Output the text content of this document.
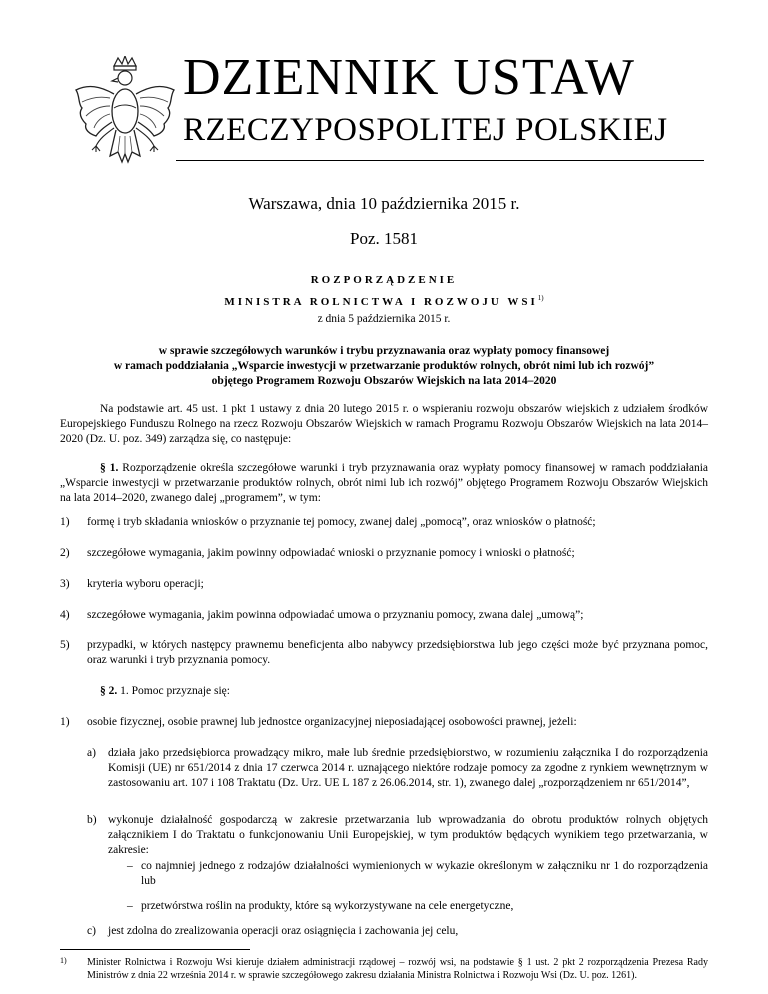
DZIENNIK USTAW
RZECZYPOSPOLITEJ POLSKIEJ
Warszawa, dnia 10 października 2015 r.
Poz. 1581
ROZPORZĄDZENIE
MINISTRA ROLNICTWA I ROZWOJU WSI$^{1)}$
z dnia 5 października 2015 r.
w sprawie szczegółowych warunków i trybu przyznawania oraz wypłaty pomocy finansowej
w ramach poddziałania „Wsparcie inwestycji w przetwarzanie produktów rolnych, obrót nimi lub ich rozwój”
objętego Programem Rozwoju Obszarów Wiejskich na lata 2014–2020
Na podstawie art. 45 ust. 1 pkt 1 ustawy z dnia 20 lutego 2015 r. o wspieraniu rozwoju obszarów wiejskich z udziałem środków Europejskiego Funduszu Rolnego na rzecz Rozwoju Obszarów Wiejskich w ramach Programu Rozwoju Obszarów Wiejskich na lata 2014–2020 (Dz. U. poz. 349) zarządza się, co następuje:
§ 1. Rozporządzenie określa szczegółowe warunki i tryb przyznawania oraz wypłaty pomocy finansowej w ramach poddziałania „Wsparcie inwestycji w przetwarzanie produktów rolnych, obrót nimi lub ich rozwój” objętego Programem Rozwoju Obszarów Wiejskich na lata 2014–2020, zwanego dalej „programem”, w tym:
1) formę i tryb składania wniosków o przyznanie tej pomocy, zwanej dalej „pomocą”, oraz wniosków o płatność;
2) szczegółowe wymagania, jakim powinny odpowiadać wnioski o przyznanie pomocy i wnioski o płatność;
3) kryteria wyboru operacji;
4) szczegółowe wymagania, jakim powinna odpowiadać umowa o przyznaniu pomocy, zwana dalej „umową”;
5) przypadki, w których następcy prawnemu beneficjenta albo nabywcy przedsiębiorstwa lub jego części może być przyznana pomoc, oraz warunki i tryb przyznania pomocy.
§ 2. 1. Pomoc przyznaje się:
1) osobie fizycznej, osobie prawnej lub jednostce organizacyjnej nieposiadającej osobowości prawnej, jeżeli:
a) działa jako przedsiębiorca prowadzący mikro, małe lub średnie przedsiębiorstwo, w rozumieniu załącznika I do rozporządzenia Komisji (UE) nr 651/2014 z dnia 17 czerwca 2014 r. uznającego niektóre rodzaje pomocy za zgodne z rynkiem wewnętrznym w zastosowaniu art. 107 i 108 Traktatu (Dz. Urz. UE L 187 z 26.06.2014, str. 1), zwanego dalej „rozporządzeniem nr 651/2014”,
b) wykonuje działalność gospodarczą w zakresie przetwarzania lub wprowadzania do obrotu produktów rolnych objętych załącznikiem I do Traktatu o funkcjonowaniu Unii Europejskiej, w tym produktów będących wynikiem tego przetwarzania, w zakresie:
– co najmniej jednego z rodzajów działalności wymienionych w wykazie określonym w załączniku nr 1 do rozporządzenia lub
1) Minister Rolnictwa i Rozwoju Wsi kieruje działem administracji rządowej – rozwój wsi, na podstawie § 1 ust. 2 pkt 2 rozporządzenia Prezesa Rady Ministrów z dnia 22 września 2014 r. w sprawie szczegółowego zakresu działania Ministra Rolnictwa i Rozwoju Wsi (Dz. U. poz. 1261).
– przetwórstwa roślin na produkty, które są wykorzystywane na cele energetyczne,
c) jest zdolna do zrealizowania operacji oraz osiągnięcia i zachowania jej celu,
